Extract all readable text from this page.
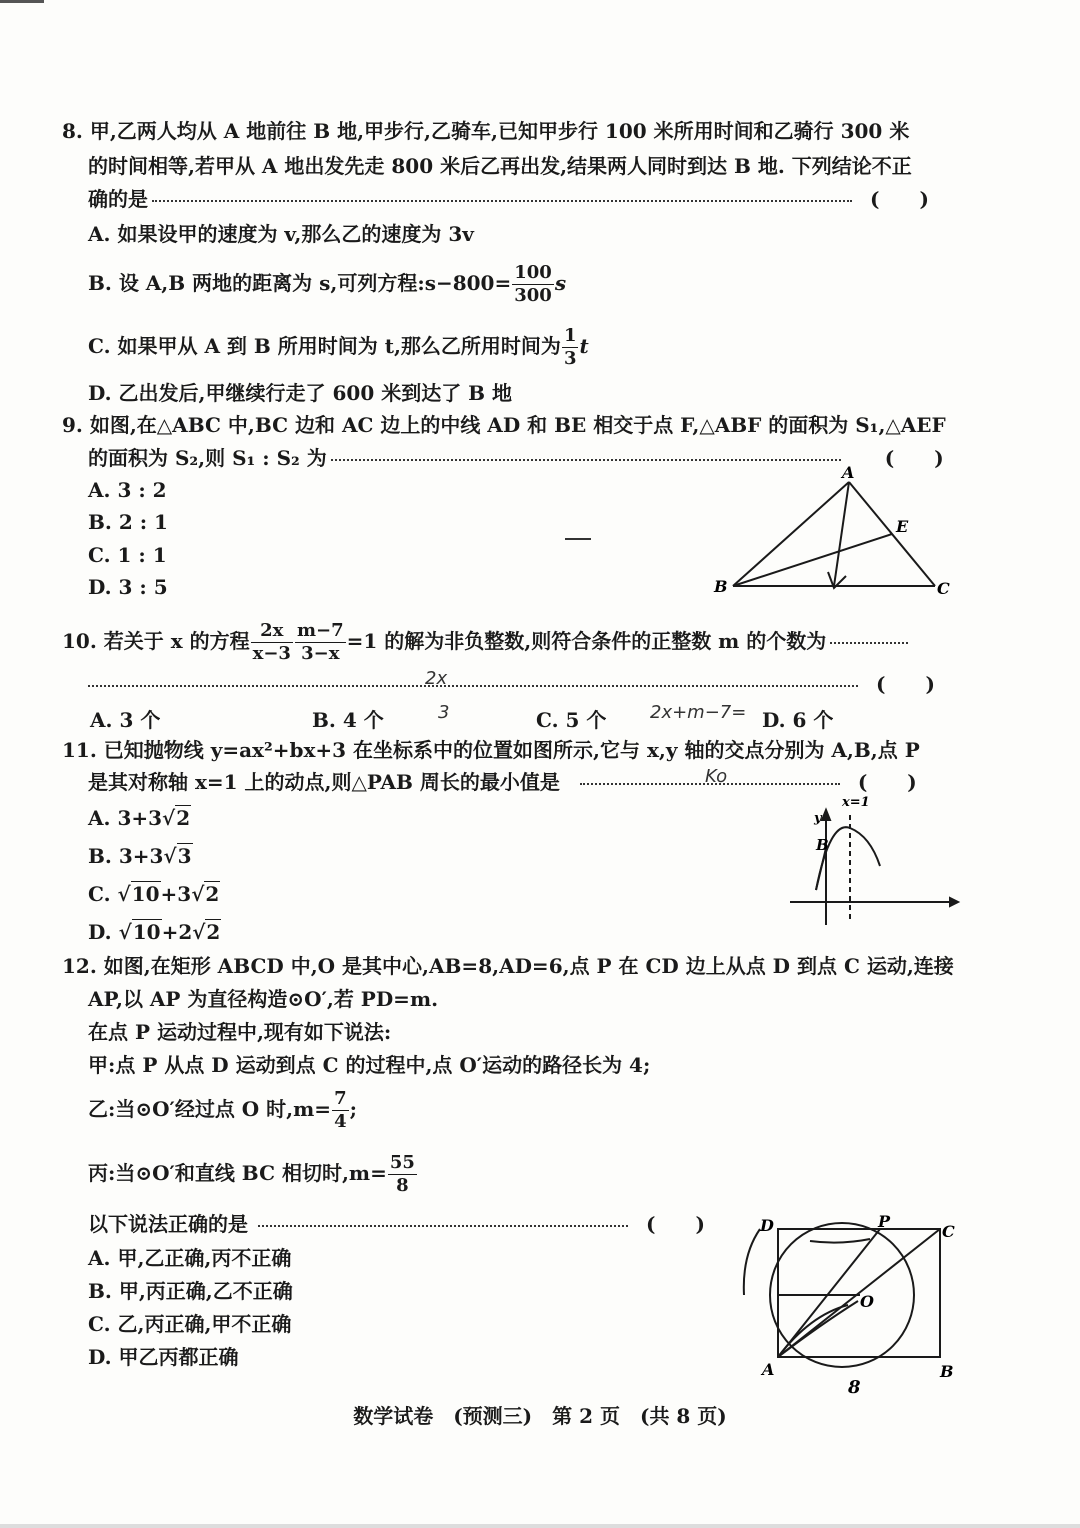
8. 甲,乙两人均从 A 地前往 B 地,甲步行,乙骑车,已知甲步行 100 米所用时间和乙骑行 300 米
的时间相等,若甲从 A 地出发先走 800 米后乙再出发,结果两人同时到达 B 地. 下列结论不正
确的是	(　　)
A. 如果设甲的速度为 v,那么乙的速度为 3v
B. 设 A,B 两地的距离为 s,可列方程:s−800= $\frac{100}{300}$ s
C. 如果甲从 A 到 B 所用时间为 t,那么乙所用时间为 $\frac{1}{3}$ t
D. 乙出发后,甲继续行走了 600 米到达了 B 地
9. 如图,在△ABC 中,BC 边和 AC 边上的中线 AD 和 BE 相交于点 F,△ABF 的面积为 S₁,△AEF
的面积为 S₂,则 S₁ : S₂ 为	(　　)
A. 3 : 2
B. 2 : 1
C. 1 : 1
D. 3 : 5
A
B	C
E
10. 若关于 x 的方程 $\frac{2x}{x-3} \frac{m-7}{3-x} =1$ 的解为非负整数,则符合条件的正整数 m 的个数为
(　　)
2x
A. 3 个	B. 4 个	3	C. 5 个 2x+m−7= D. 6 个
11. 已知抛物线 y=ax²+bx+3 在坐标系中的位置如图所示,它与 x,y 轴的交点分别为 A,B,点 P
是其对称轴 x=1 上的动点,则△PAB 周长的最小值是	(　　)
Ko
A. 3+3√2
B. 3+3√3
C. √10+3√2
D. √10+2√2
x=1
y
B
12. 如图,在矩形 ABCD 中,O 是其中心,AB=8,AD=6,点 P 在 CD 边上从点 D 到点 C 运动,连接
AP,以 AP 为直径构造⊙O′,若 PD=m.
在点 P 运动过程中,现有如下说法:
甲:点 P 从点 D 运动到点 C 的过程中,点 O′运动的路径长为 4;
乙:当⊙O′经过点 O 时$,m= \frac{7}{4}$ ;
丙:当⊙O′和直线 BC 相切时$,m= \frac{55}{8}$
以下说法正确的是	(　　)
A. 甲,乙正确,丙不正确
B. 甲,丙正确,乙不正确
C. 乙,丙正确,甲不正确
D. 甲乙丙都正确
D	P
C
O
A	B
8
数学试卷　(预测三)　第 2 页　(共 8 页)
